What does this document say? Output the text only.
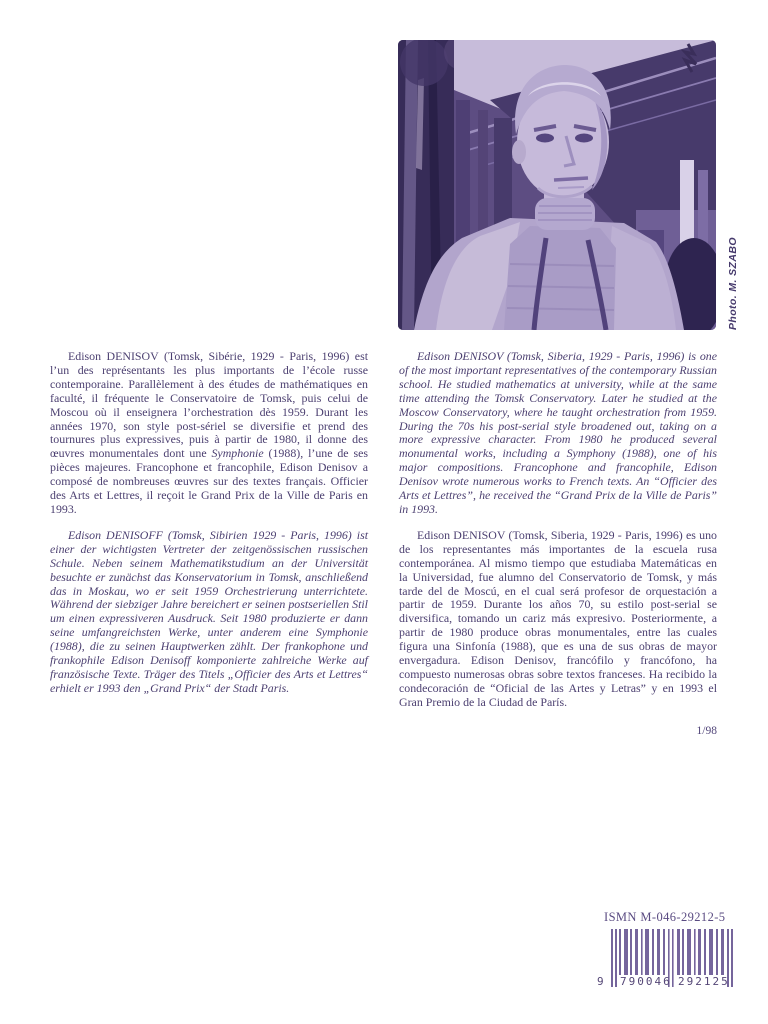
Photo. M. SZABO

Edison DENISOV (Tomsk, Sibérie, 1929 - Paris, 1996) est l’un des représentants les plus importants de l’école russe contemporaine. Parallèlement à des études de mathématiques en faculté, il fréquente le Conservatoire de Tomsk, puis celui de Moscou où il enseignera l’orchestration dès 1959. Durant les années 1970, son style post-sériel se diversifie et prend des tournures plus expressives, puis à partir de 1980, il donne des œuvres monumentales dont une Symphonie (1988), l’une de ses pièces majeures. Francophone et francophile, Edison Denisov a composé de nombreuses œuvres sur des textes français. Officier des Arts et Lettres, il reçoit le Grand Prix de la Ville de Paris en 1993.

Edison DENISOFF (Tomsk, Sibirien 1929 - Paris, 1996) ist einer der wichtigsten Vertreter der zeitgenössischen russischen Schule. Neben seinem Mathematikstudium an der Universität besuchte er zunächst das Konservatorium in Tomsk, anschließend das in Moskau, wo er seit 1959 Orchestrierung unterrichtete. Während der siebziger Jahre bereichert er seinen postseriellen Stil um einen expressiveren Ausdruck. Seit 1980 produzierte er dann seine umfangreichsten Werke, unter anderem eine Symphonie (1988), die zu seinen Hauptwerken zählt. Der frankophone und frankophile Edison Denisoff komponierte zahlreiche Werke auf französische Texte. Träger des Titels „Officier des Arts et Lettres“ erhielt er 1993 den „Grand Prix“ der Stadt Paris.

Edison DENISOV (Tomsk, Siberia, 1929 - Paris, 1996) is one of the most important representatives of the contemporary Russian school. He studied mathematics at university, while at the same time attending the Tomsk Conservatory. Later he studied at the Moscow Conservatory, where he taught orchestration from 1959. During the 70s his post-serial style broadened out, taking on a more expressive character. From 1980 he produced several monumental works, including a Symphony (1988), one of his major compositions. Francophone and francophile, Edison Denisov wrote numerous works to French texts. An “Officier des Arts et Lettres”, he received the “Grand Prix de la Ville de Paris” in 1993.

Edison DENISOV (Tomsk, Siberia, 1929 - Paris, 1996) es uno de los representantes más importantes de la escuela rusa contemporánea. Al mismo tiempo que estudiaba Matemáticas en la Universidad, fue alumno del Conservatorio de Tomsk, y más tarde del de Moscú, en el cual será profesor de orquestación a partir de 1959. Durante los años 70, su estilo post-serial se diversifica, tomando un cariz más expresivo. Posteriormente, a partir de 1980 produce obras monumentales, entre las cuales figura una Sinfonía (1988), que es una de sus obras de mayor envergadura. Edison Denisov, francófilo y francófono, ha compuesto numerosas obras sobre textos franceses. Ha recibido la condecoración de “Oficial de las Artes y Letras” y en 1993 el Gran Premio de la Ciudad de París.

1/98
ISMN M-046-29212-5
9 790046 292125
